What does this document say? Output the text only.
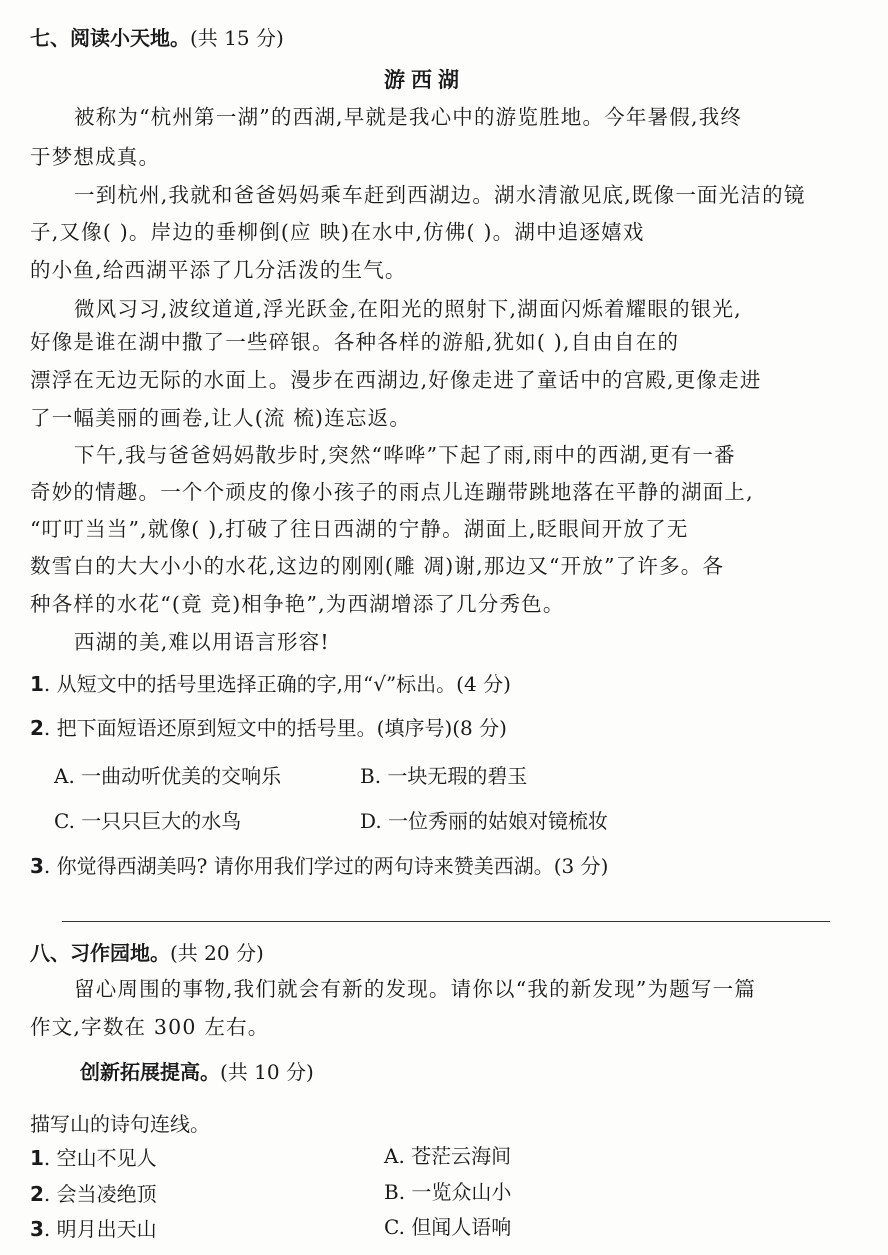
七、阅读小天地。(共 15 分)
游西湖
被称为“杭州第一湖”的西湖,早就是我心中的游览胜地。今年暑假,我终
于梦想成真。
一到杭州,我就和爸爸妈妈乘车赶到西湖边。湖水清澈见底,既像一面光洁的镜
子,又像( )。岸边的垂柳倒(应 映)在水中,仿佛( )。湖中追逐嬉戏
的小鱼,给西湖平添了几分活泼的生气。
微风习习,波纹道道,浮光跃金,在阳光的照射下,湖面闪烁着耀眼的银光,
好像是谁在湖中撒了一些碎银。各种各样的游船,犹如( ),自由自在的
漂浮在无边无际的水面上。漫步在西湖边,好像走进了童话中的宫殿,更像走进
了一幅美丽的画卷,让人(流 梳)连忘返。
下午,我与爸爸妈妈散步时,突然“哗哗”下起了雨,雨中的西湖,更有一番
奇妙的情趣。一个个顽皮的像小孩子的雨点儿连蹦带跳地落在平静的湖面上,
“叮叮当当”,就像( ),打破了往日西湖的宁静。湖面上,眨眼间开放了无
数雪白的大大小小的水花,这边的刚刚(雕 凋)谢,那边又“开放”了许多。各
种各样的水花“(竟 竞)相争艳”,为西湖增添了几分秀色。
西湖的美,难以用语言形容!
1. 从短文中的括号里选择正确的字,用“√”标出。(4 分)
2. 把下面短语还原到短文中的括号里。(填序号)(8 分)
A. 一曲动听优美的交响乐	B. 一块无瑕的碧玉
C. 一只只巨大的水鸟	D. 一位秀丽的姑娘对镜梳妆
3. 你觉得西湖美吗? 请你用我们学过的两句诗来赞美西湖。(3 分)
八、习作园地。(共 20 分)
留心周围的事物,我们就会有新的发现。请你以“我的新发现”为题写一篇
作文,字数在 300 左右。
创新拓展提高。(共 10 分)
描写山的诗句连线。
1. 空山不见人
2. 会当凌绝顶
3. 明月出天山
A. 苍茫云海间
B. 一览众山小
C. 但闻人语响
